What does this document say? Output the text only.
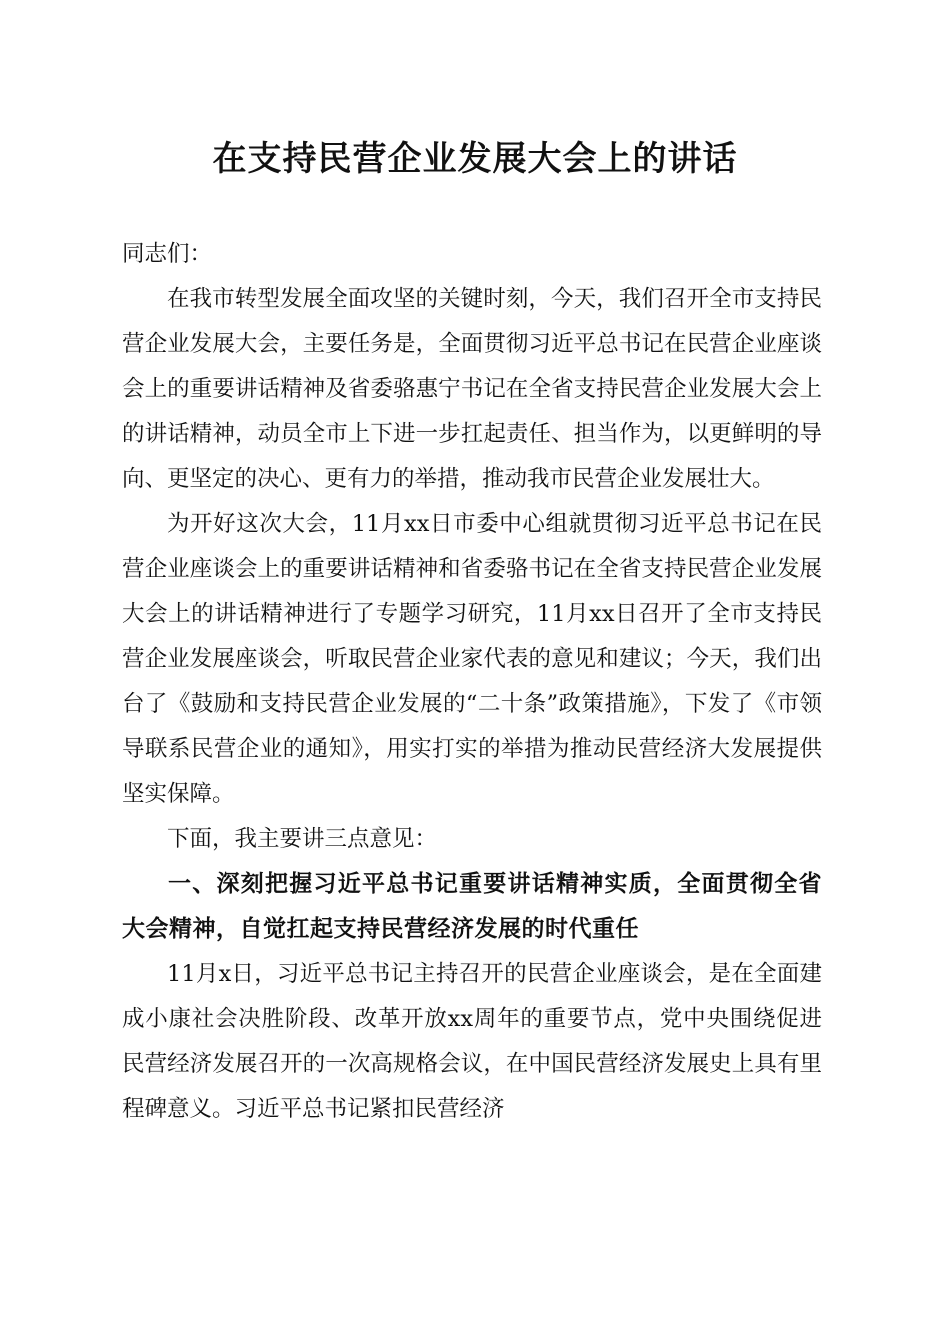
在支持民营企业发展大会上的讲话

同志们：

在我市转型发展全面攻坚的关键时刻，今天，我们召开全市支持民营企业发展大会，主要任务是，全面贯彻习近平总书记在民营企业座谈会上的重要讲话精神及省委骆惠宁书记在全省支持民营企业发展大会上的讲话精神，动员全市上下进一步扛起责任、担当作为，以更鲜明的导向、更坚定的决心、更有力的举措，推动我市民营企业发展壮大。

为开好这次大会，11月xx日市委中心组就贯彻习近平总书记在民营企业座谈会上的重要讲话精神和省委骆书记在全省支持民营企业发展大会上的讲话精神进行了专题学习研究，11月xx日召开了全市支持民营企业发展座谈会，听取民营企业家代表的意见和建议；今天，我们出台了《鼓励和支持民营企业发展的“二十条”政策措施》，下发了《市领导联系民营企业的通知》，用实打实的举措为推动民营经济大发展提供坚实保障。

下面，我主要讲三点意见：

一、深刻把握习近平总书记重要讲话精神实质，全面贯彻全省大会精神，自觉扛起支持民营经济发展的时代重任

11月x日，习近平总书记主持召开的民营企业座谈会，是在全面建成小康社会决胜阶段、改革开放xx周年的重要节点，党中央围绕促进民营经济发展召开的一次高规格会议，在中国民营经济发展史上具有里程碑意义。习近平总书记紧扣民营经济
